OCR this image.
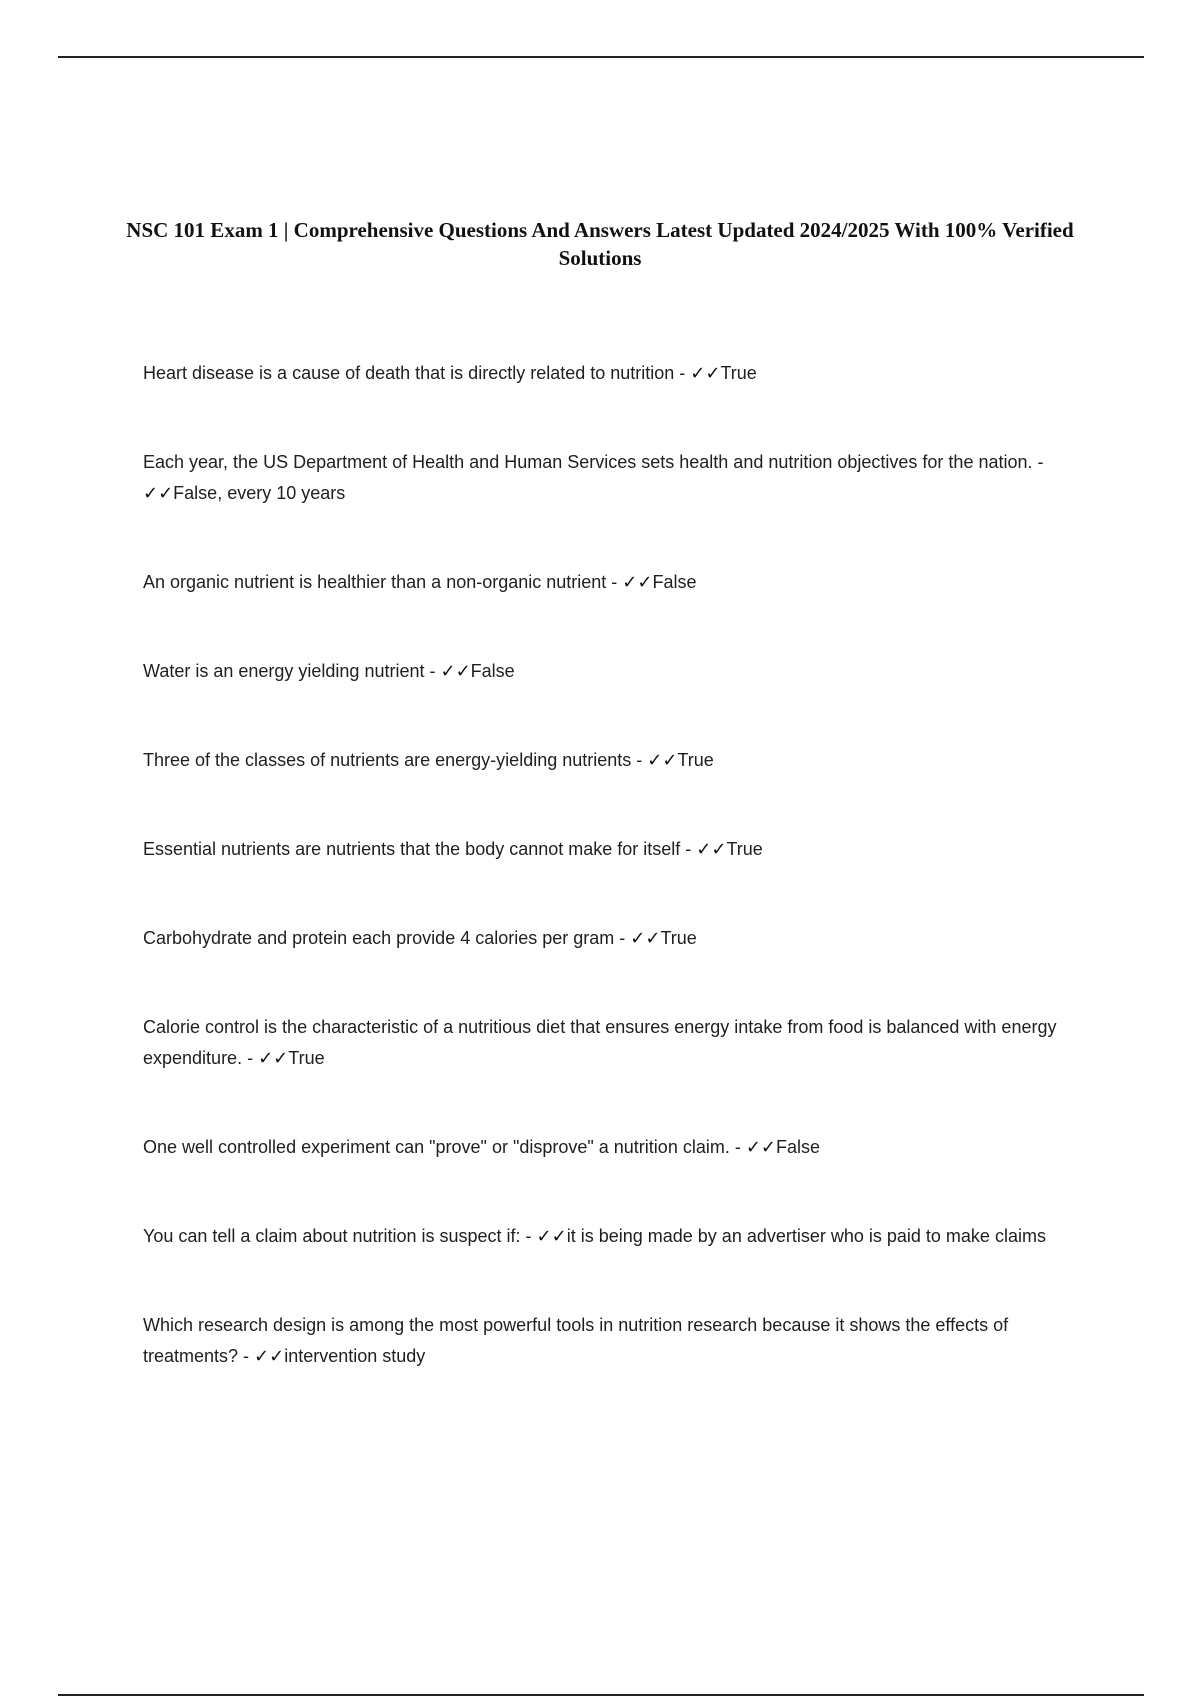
NSC 101 Exam 1 | Comprehensive Questions And Answers Latest Updated 2024/2025 With 100% Verified Solutions
Heart disease is a cause of death that is directly related to nutrition - ✓✓True
Each year, the US Department of Health and Human Services sets health and nutrition objectives for the nation. - ✓✓False, every 10 years
An organic nutrient is healthier than a non-organic nutrient - ✓✓False
Water is an energy yielding nutrient - ✓✓False
Three of the classes of nutrients are energy-yielding nutrients - ✓✓True
Essential nutrients are nutrients that the body cannot make for itself - ✓✓True
Carbohydrate and protein each provide 4 calories per gram - ✓✓True
Calorie control is the characteristic of a nutritious diet that ensures energy intake from food is balanced with energy expenditure. - ✓✓True
One well controlled experiment can "prove" or "disprove" a nutrition claim. - ✓✓False
You can tell a claim about nutrition is suspect if: - ✓✓it is being made by an advertiser who is paid to make claims
Which research design is among the most powerful tools in nutrition research because it shows the effects of treatments? - ✓✓intervention study
